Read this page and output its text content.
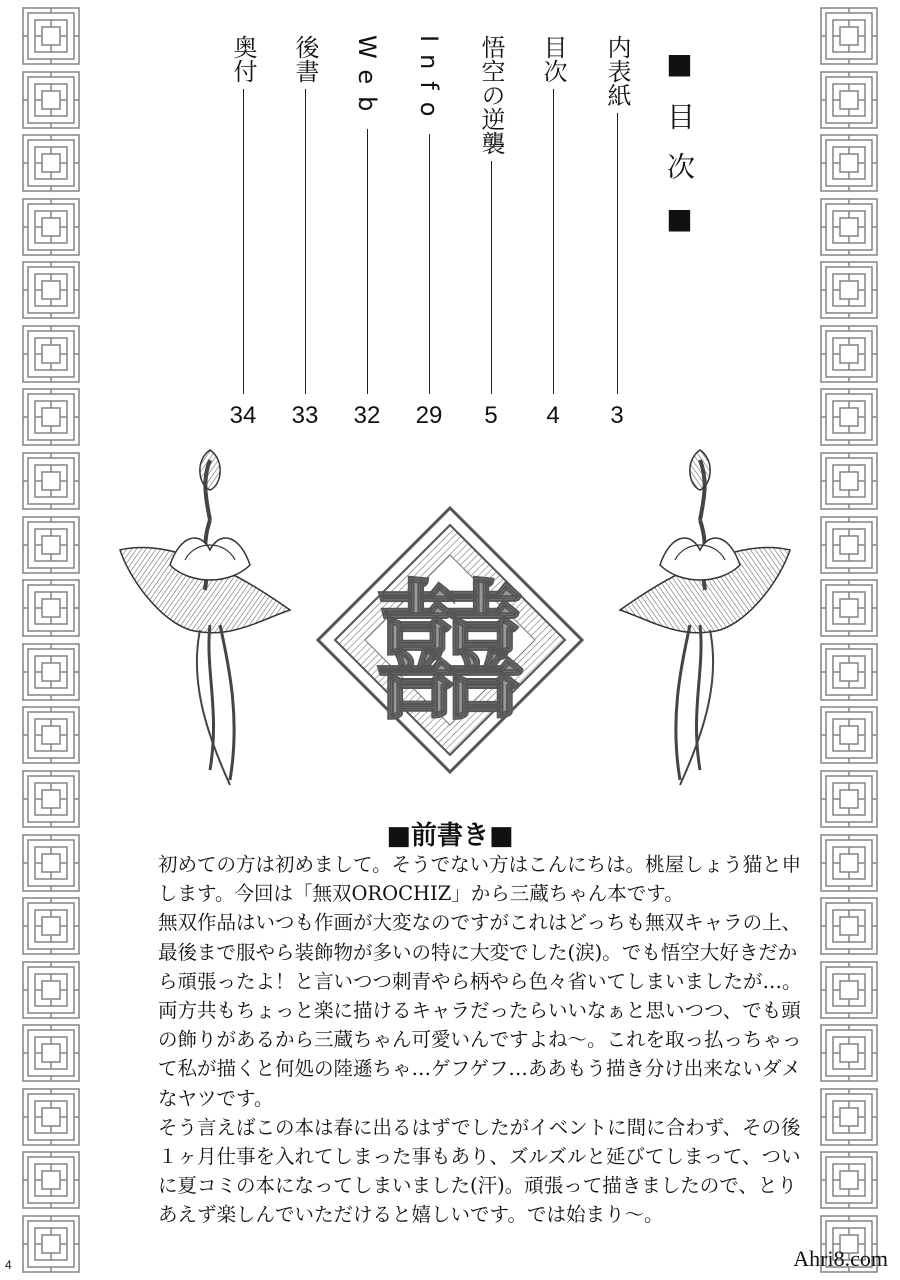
■目次■
内表紙
3
目次
4
悟空の逆襲
5
Info
29
Web
32
後書
33
奥付
34
囍
■前書き■

初めての方は初めまして。そうでない方はこんにちは。桃屋しょう猫と申

します。今回は「無双OROCHIZ」から三蔵ちゃん本です。

無双作品はいつも作画が大変なのですがこれはどっちも無双キャラの上、

最後まで服やら装飾物が多いの特に大変でした(涙)。でも悟空大好きだか

ら頑張ったよ！と言いつつ刺青やら柄やら色々省いてしまいましたが…。

両方共もちょっと楽に描けるキャラだったらいいなぁと思いつつ、でも頭

の飾りがあるから三蔵ちゃん可愛いんですよね～。これを取っ払っちゃっ

て私が描くと何処の陸遜ちゃ…ゲフゲフ…ああもう描き分け出来ないダメ

なヤツです。

そう言えばこの本は春に出るはずでしたがイベントに間に合わず、その後

１ヶ月仕事を入れてしまった事もあり、ズルズルと延びてしまって、つい

に夏コミの本になってしまいました(汗)。頑張って描きましたので、とり

あえず楽しんでいただけると嬉しいです。では始まり～。

4	Ahri8.com
